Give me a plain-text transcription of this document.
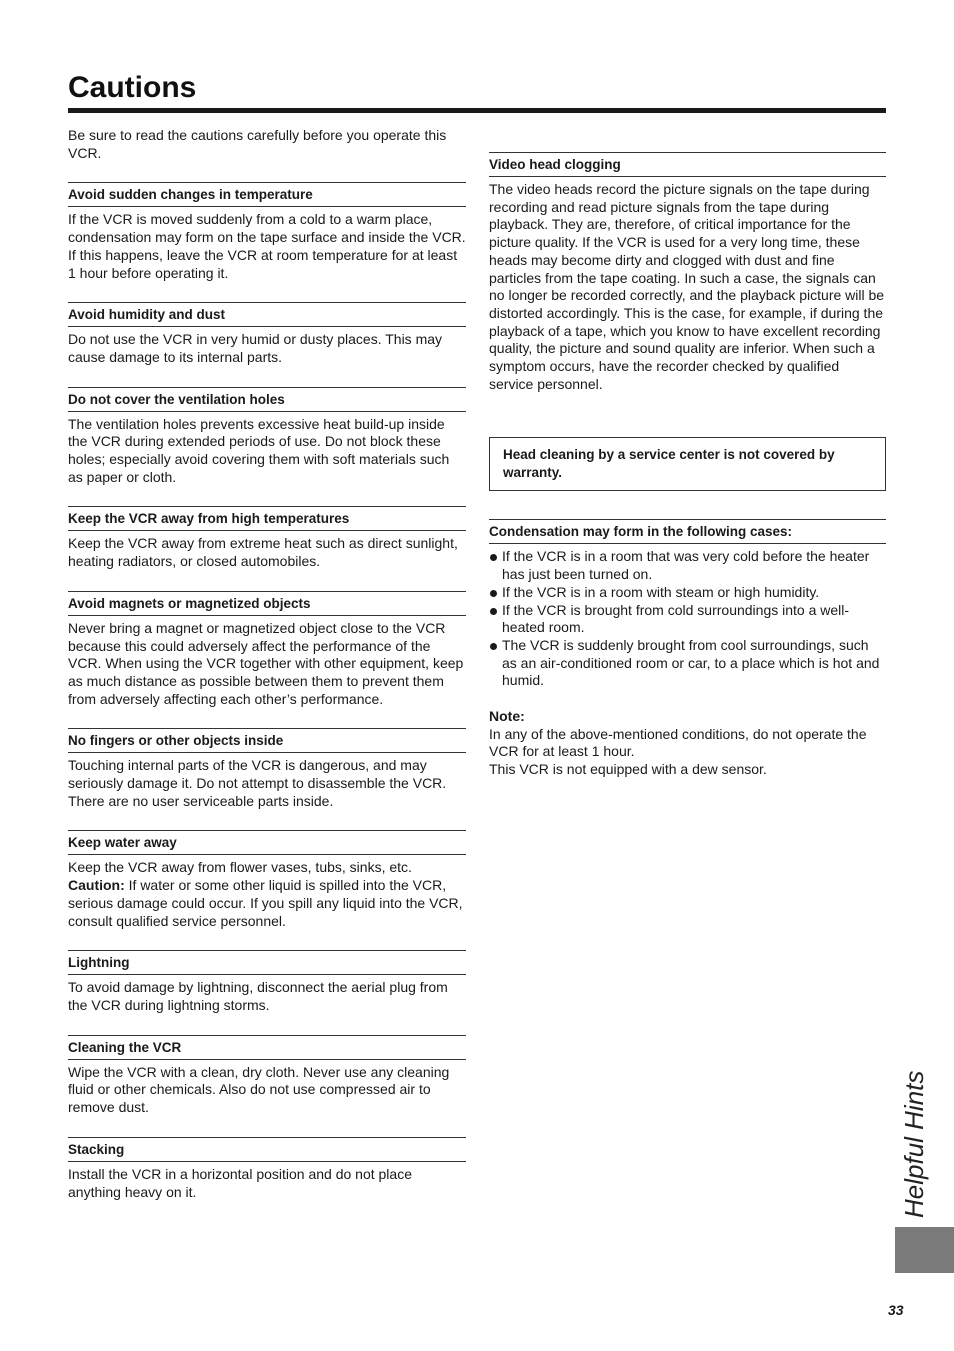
Cautions

Be sure to read the cautions carefully before you operate this VCR.

Avoid sudden changes in temperature

If the VCR is moved suddenly from a cold to a warm place, condensation may form on the tape surface and inside the VCR. If this happens, leave the VCR at room temperature for at least 1 hour before operating it.

Avoid humidity and dust

Do not use the VCR in very humid or dusty places. This may cause damage to its internal parts.

Do not cover the ventilation holes

The ventilation holes prevents excessive heat build-up inside the VCR during extended periods of use. Do not block these holes; especially avoid covering them with soft materials such as paper or cloth.

Keep the VCR away from high temperatures

Keep the VCR away from extreme heat such as direct sunlight, heating radiators, or closed automobiles.

Avoid magnets or magnetized objects

Never bring a magnet or magnetized object close to the VCR because this could adversely affect the performance of the VCR. When using the VCR together with other equipment, keep as much distance as possible between them to prevent them from adversely affecting each other’s performance.

No fingers or other objects inside

Touching internal parts of the VCR is dangerous, and may seriously damage it. Do not attempt to disassemble the VCR. There are no user serviceable parts inside.

Keep water away

Keep the VCR away from flower vases, tubs, sinks, etc.
Caution: If water or some other liquid is spilled into the VCR, serious damage could occur. If you spill any liquid into the VCR, consult qualified service personnel.

Lightning

To avoid damage by lightning, disconnect the aerial plug from the VCR during lightning storms.

Cleaning the VCR

Wipe the VCR with a clean, dry cloth. Never use any cleaning fluid or other chemicals. Also do not use compressed air to remove dust.

Stacking

Install the VCR in a horizontal position and do not place anything heavy on it.

Video head clogging

The video heads record the picture signals on the tape during recording and read picture signals from the tape during playback. They are, therefore, of critical importance for the picture quality. If the VCR is used for a very long time, these heads may become dirty and clogged with dust and fine particles from the tape coating. In such a case, the signals can no longer be recorded correctly, and the playback picture will be distorted accordingly. This is the case, for example, if during the playback of a tape, which you know to have excellent recording quality, the picture and sound quality are inferior. When such a symptom occurs, have the recorder checked by qualified service personnel.

Head cleaning by a service center is not covered by warranty.
Condensation may form in the following cases:
If the VCR is in a room that was very cold before the heater has just been turned on.
If the VCR is in a room with steam or high humidity.
If the VCR is brought from cold surroundings into a well-heated room.
The VCR is suddenly brought from cool surroundings, such as an air-conditioned room or car, to a place which is hot and humid.
Note:
In any of the above-mentioned conditions, do not operate the VCR for at least 1 hour.
This VCR is not equipped with a dew sensor.
Helpful Hints
33
